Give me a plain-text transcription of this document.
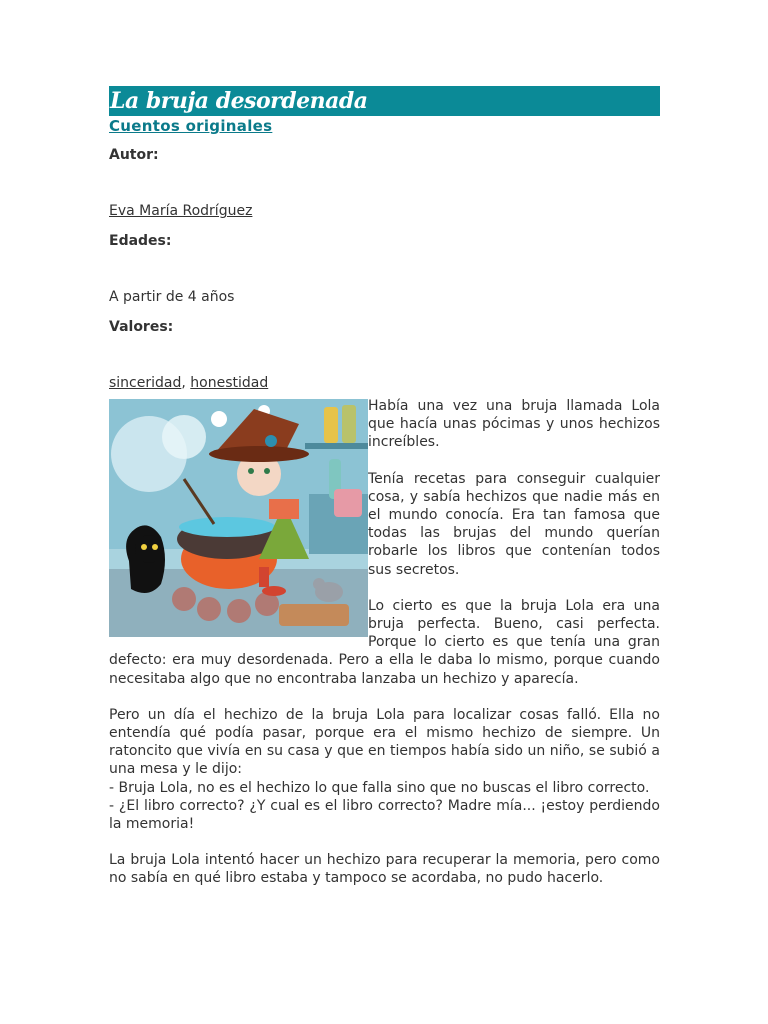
La bruja desordenada
Cuentos originales
Autor:
Eva María Rodríguez
Edades:
A partir de 4 años
Valores:
sinceridad, honestidad

Había una vez una bruja llamada Lola que hacía unas pócimas y unos hechizos increíbles.

Tenía recetas para conseguir cualquier cosa, y sabía hechizos que nadie más en el mundo conocía. Era tan famosa que todas las brujas del mundo querían robarle los libros que contenían todos sus secretos.

Lo cierto es que la bruja Lola era una bruja perfecta. Bueno, casi perfecta. Porque lo cierto es que tenía una gran defecto: era muy desordenada. Pero a ella le daba lo mismo, porque cuando necesitaba algo que no encontraba lanzaba un hechizo y aparecía.

Pero un día el hechizo de la bruja Lola para localizar cosas falló. Ella no entendía qué podía pasar, porque era el mismo hechizo de siempre. Un ratoncito que vivía en su casa y que en tiempos había sido un niño, se subió a una mesa y le dijo:
- Bruja Lola, no es el hechizo lo que falla sino que no buscas el libro correcto.
- ¿El libro correcto? ¿Y cual es el libro correcto? Madre mía... ¡estoy perdiendo la memoria!

La bruja Lola intentó hacer un hechizo para recuperar la memoria, pero como no sabía en qué libro estaba y tampoco se acordaba, no pudo hacerlo.
